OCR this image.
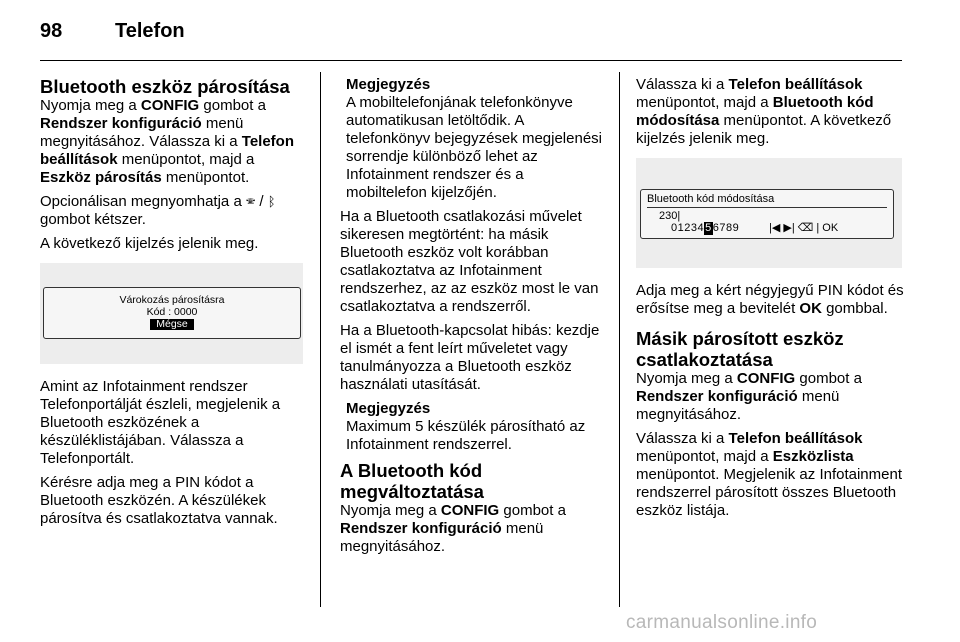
98	Telefon
Bluetooth eszköz párosítása

Nyomja meg a CONFIG gombot a Rendszer konfiguráció menü megnyitásához. Válassza ki a Telefon beállítások menüpontot, majd a Eszköz párosítás menüpontot.

Opcionálisan megnyomhatja a 🕾 / ᛒ gombot kétszer.

A következő kijelzés jelenik meg.

Várokozás párosításra
Kód : 0000
Mégse

Amint az Infotainment rendszer Telefonportálját észleli, megjelenik a Bluetooth eszközének a készüléklistájában. Válassza a Telefonportált.

Kérésre adja meg a PIN kódot a Bluetooth eszközén. A készülékek párosítva és csatlakoztatva vannak.

Megjegyzés
A mobiltelefonjának telefonkönyve automatikusan letöltődik. A telefonkönyv bejegyzések megjelenési sorrendje különböző lehet az Infotainment rendszer és a mobiltelefon kijelzőjén.

Ha a Bluetooth csatlakozási művelet sikeresen megtörtént: ha másik Bluetooth eszköz volt korábban csatlakoztatva az Infotainment rendszerhez, az az eszköz most le van csatlakoztatva a rendszerről.

Ha a Bluetooth-kapcsolat hibás: kezdje el ismét a fent leírt műveletet vagy tanulmányozza a Bluetooth eszköz használati utasítását.

Megjegyzés
Maximum 5 készülék párosítható az Infotainment rendszerrel.
A Bluetooth kód megváltoztatása

Nyomja meg a CONFIG gombot a Rendszer konfiguráció menü megnyitásához.

Válassza ki a Telefon beállítások menüpontot, majd a Bluetooth kód módosítása menüpontot. A következő kijelzés jelenik meg.

Bluetooth kód módosítása
230|
0123456789	|◀ ▶| ⌫ | OK

Adja meg a kért négyjegyű PIN kódot és erősítse meg a bevitelét OK gombbal.

Másik párosított eszköz csatlakoztatása

Nyomja meg a CONFIG gombot a Rendszer konfiguráció menü megnyitásához.

Válassza ki a Telefon beállítások menüpontot, majd a Eszközlista menüpontot. Megjelenik az Infotainment rendszerrel párosított összes Bluetooth eszköz listája.

carmanualsonline.info
